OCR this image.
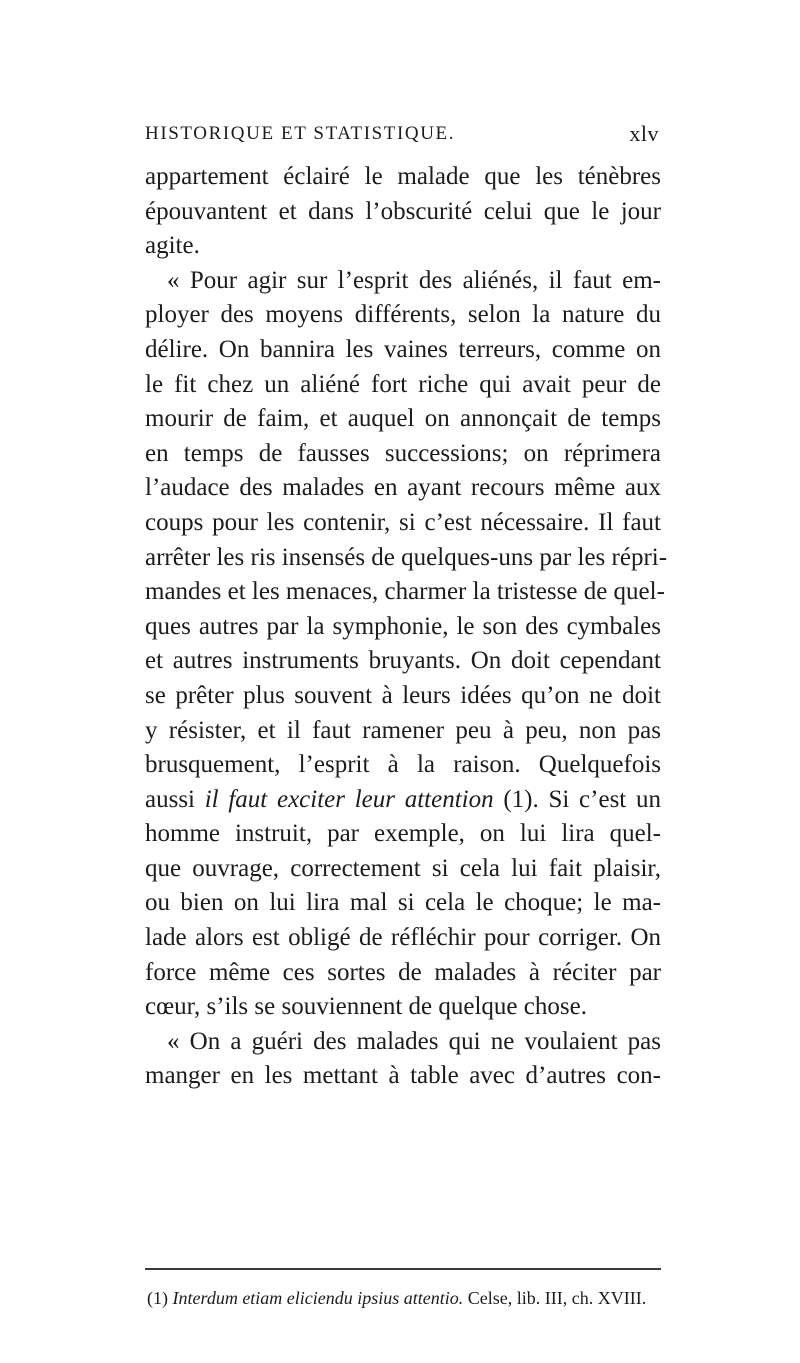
HISTORIQUE ET STATISTIQUE.	xlv
appartement éclairé le malade que les ténèbres
épouvantent et dans l’obscurité celui que le jour
agite.
« Pour agir sur l’esprit des aliénés, il faut em-
ployer des moyens différents, selon la nature du
délire. On bannira les vaines terreurs, comme on
le fit chez un aliéné fort riche qui avait peur de
mourir de faim, et auquel on annonçait de temps
en temps de fausses successions; on réprimera
l’audace des malades en ayant recours même aux
coups pour les contenir, si c’est nécessaire. Il faut
arrêter les ris insensés de quelques-uns par les répri-
mandes et les menaces, charmer la tristesse de quel-
ques autres par la symphonie, le son des cymbales
et autres instruments bruyants. On doit cependant
se prêter plus souvent à leurs idées qu’on ne doit
y résister, et il faut ramener peu à peu, non pas
brusquement, l’esprit à la raison. Quelquefois
aussi il faut exciter leur attention (1). Si c’est un
homme instruit, par exemple, on lui lira quel-
que ouvrage, correctement si cela lui fait plaisir,
ou bien on lui lira mal si cela le choque; le ma-
lade alors est obligé de réfléchir pour corriger. On
force même ces sortes de malades à réciter par
cœur, s’ils se souviennent de quelque chose.
« On a guéri des malades qui ne voulaient pas
manger en les mettant à table avec d’autres con-
(1) Interdum etiam eliciendu ipsius attentio. Celse, lib. III, ch. XVIII.
